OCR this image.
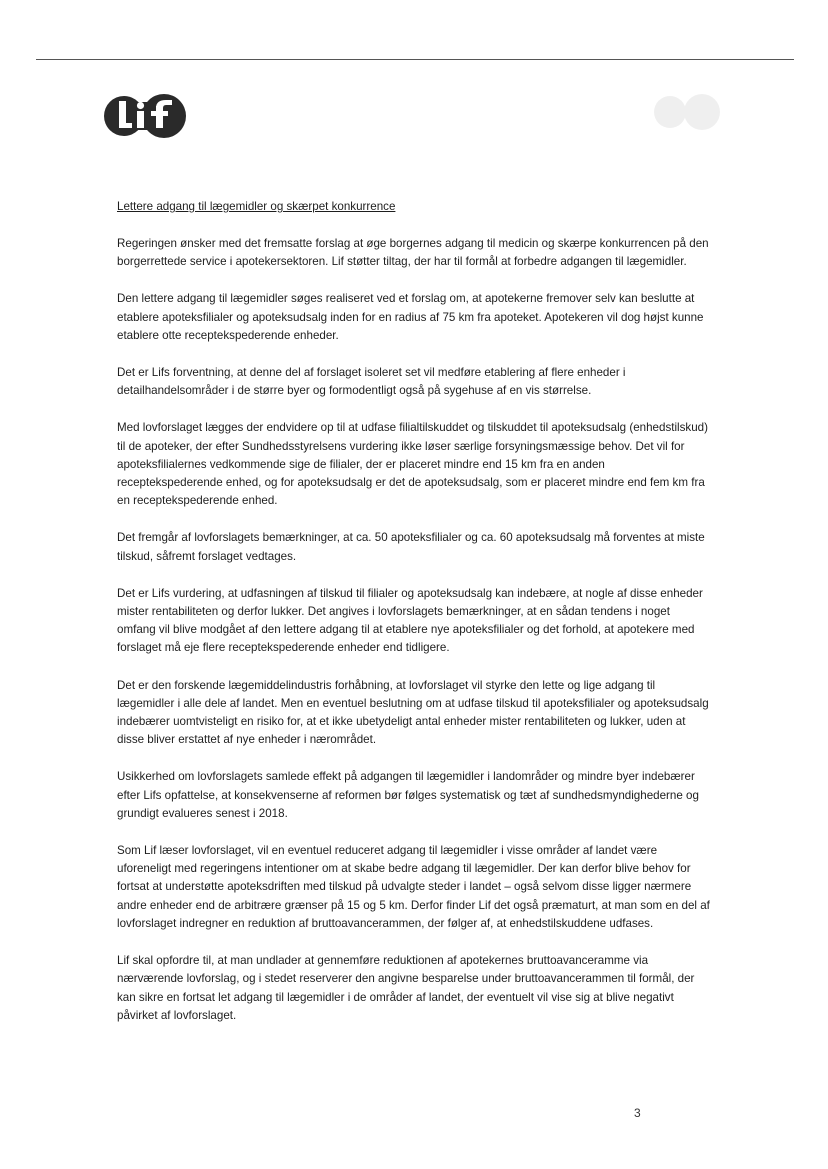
Lettere adgang til lægemidler og skærpet konkurrence

Regeringen ønsker med det fremsatte forslag at øge borgernes adgang til medicin og skærpe konkurrencen på den borgerrettede service i apotekersektoren. Lif støtter tiltag, der har til formål at forbedre adgangen til lægemidler.

Den lettere adgang til lægemidler søges realiseret ved et forslag om, at apotekerne fremover selv kan beslutte at etablere apoteksfilialer og apoteksudsalg inden for en radius af 75 km fra apoteket. Apotekeren vil dog højst kunne etablere otte receptekspederende enheder.

Det er Lifs forventning, at denne del af forslaget isoleret set vil medføre etablering af flere enheder i detailhandelsområder i de større byer og formodentligt også på sygehuse af en vis størrelse.

Med lovforslaget lægges der endvidere op til at udfase filialtilskuddet og tilskuddet til apoteksudsalg (enhedstilskud) til de apoteker, der efter Sundhedsstyrelsens vurdering ikke løser særlige forsyningsmæssige behov. Det vil for apoteksfilialernes vedkommende sige de filialer, der er placeret mindre end 15 km fra en anden receptekspederende enhed, og for apoteksudsalg er det de apoteksudsalg, som er placeret mindre end fem km fra en receptekspederende enhed.

Det fremgår af lovforslagets bemærkninger, at ca. 50 apoteksfilialer og ca. 60 apoteksudsalg må forventes at miste tilskud, såfremt forslaget vedtages.

Det er Lifs vurdering, at udfasningen af tilskud til filialer og apoteksudsalg kan indebære, at nogle af disse enheder mister rentabiliteten og derfor lukker. Det angives i lovforslagets bemærkninger, at en sådan tendens i noget omfang vil blive modgået af den lettere adgang til at etablere nye apoteksfilialer og det forhold, at apotekere med forslaget må eje flere receptekspederende enheder end tidligere.

Det er den forskende lægemiddelindustris forhåbning, at lovforslaget vil styrke den lette og lige adgang til lægemidler i alle dele af landet. Men en eventuel beslutning om at udfase tilskud til apoteksfilialer og apoteksudsalg indebærer uomtvisteligt en risiko for, at et ikke ubetydeligt antal enheder mister rentabiliteten og lukker, uden at disse bliver erstattet af nye enheder i nærområdet.

Usikkerhed om lovforslagets samlede effekt på adgangen til lægemidler i landområder og mindre byer indebærer efter Lifs opfattelse, at konsekvenserne af reformen bør følges systematisk og tæt af sundhedsmyndighederne og grundigt evalueres senest i 2018.

Som Lif læser lovforslaget, vil en eventuel reduceret adgang til lægemidler i visse områder af landet være uforeneligt med regeringens intentioner om at skabe bedre adgang til lægemidler. Der kan derfor blive behov for fortsat at understøtte apoteksdriften med tilskud på udvalgte steder i landet – også selvom disse ligger nærmere andre enheder end de arbitrære grænser på 15 og 5 km. Derfor finder Lif det også præmaturt, at man som en del af lovforslaget indregner en reduktion af bruttoavancerammen, der følger af, at enhedstilskuddene udfases.

Lif skal opfordre til, at man undlader at gennemføre reduktionen af apotekernes bruttoavanceramme via nærværende lovforslag, og i stedet reserverer den angivne besparelse under bruttoavancerammen til formål, der kan sikre en fortsat let adgang til lægemidler i de områder af landet, der eventuelt vil vise sig at blive negativt påvirket af lovforslaget.

3
